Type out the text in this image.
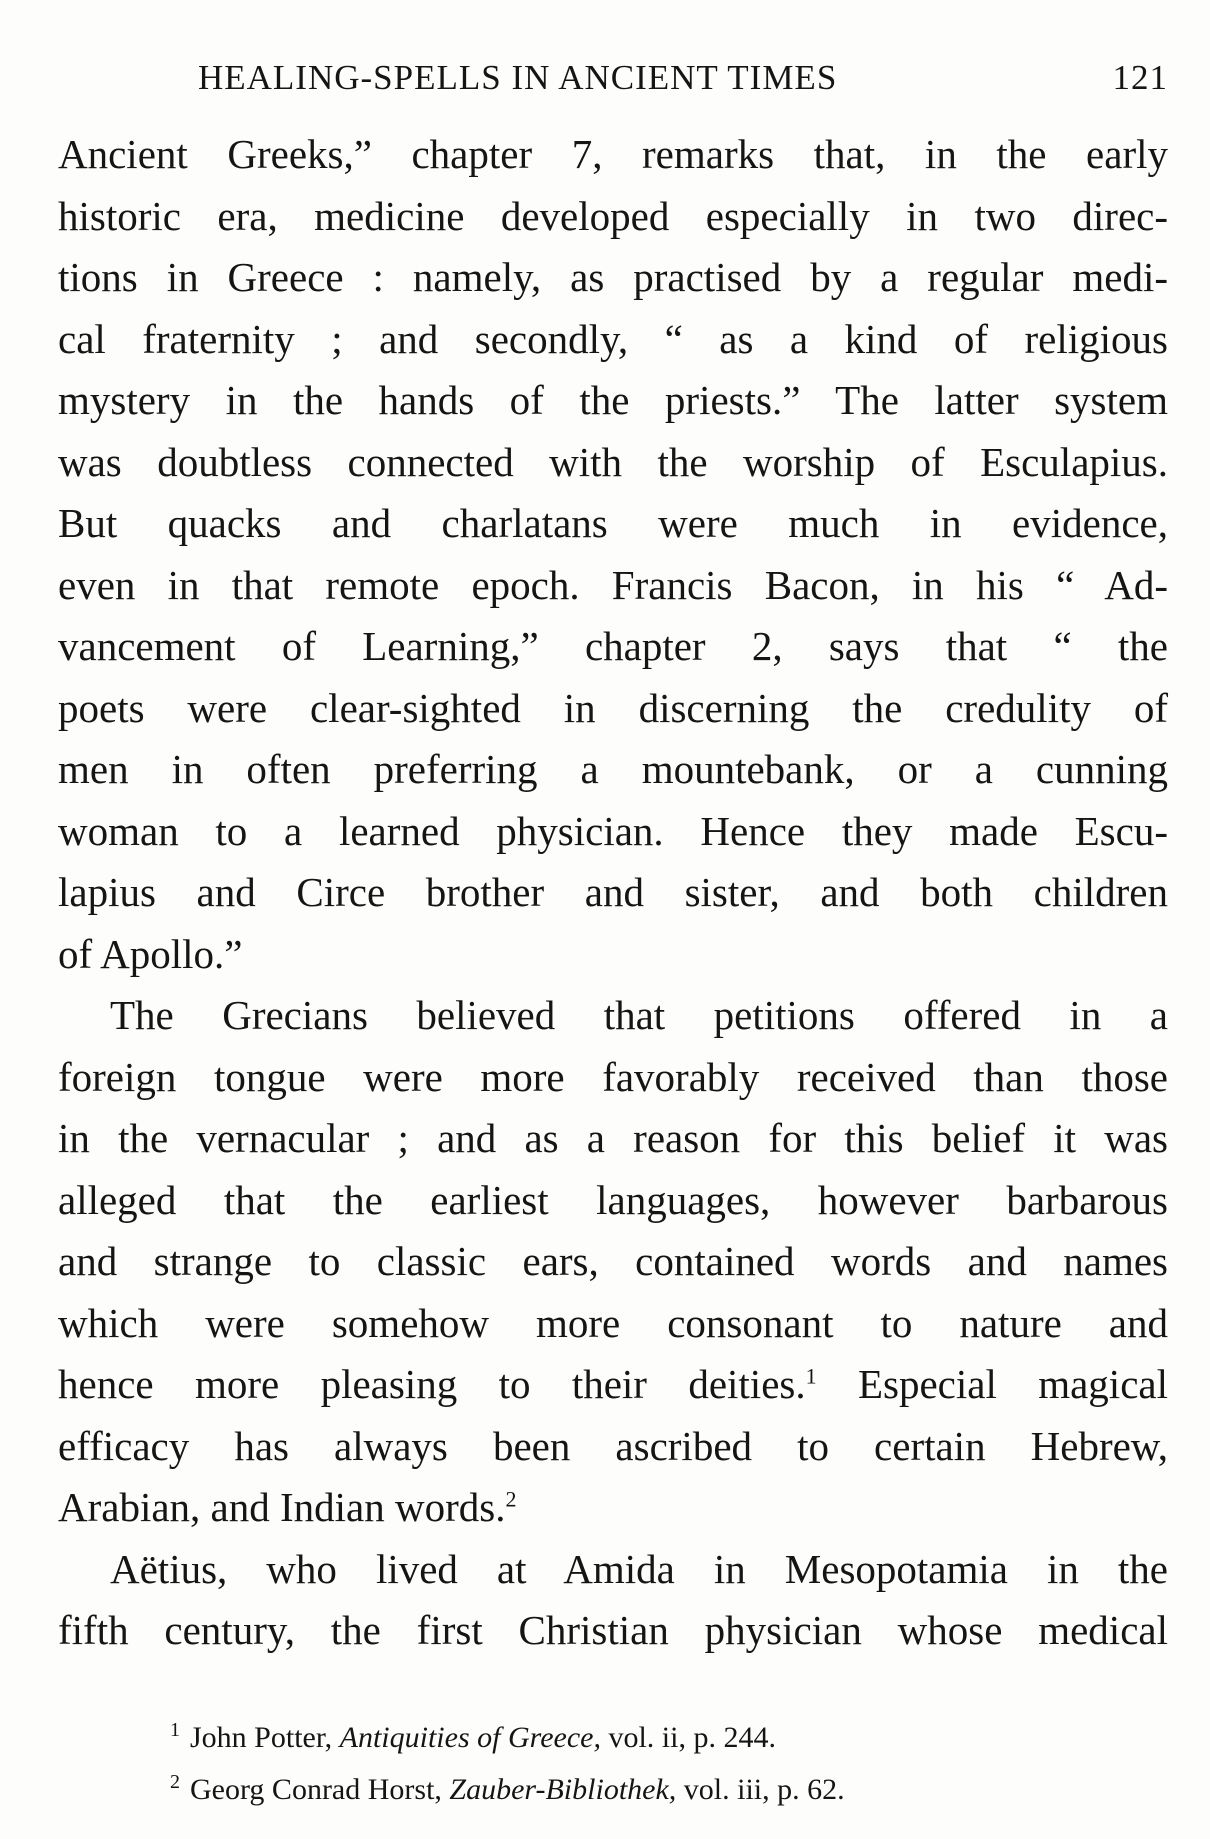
HEALING-SPELLS IN ANCIENT TIMES	121
Ancient Greeks,” chapter 7, remarks that, in the early
historic era, medicine developed especially in two direc-
tions in Greece : namely, as practised by a regular medi-
cal fraternity ; and secondly, “ as a kind of religious
mystery in the hands of the priests.” The latter system
was doubtless connected with the worship of Esculapius.
But quacks and charlatans were much in evidence,
even in that remote epoch. Francis Bacon, in his “ Ad-
vancement of Learning,” chapter 2, says that “ the
poets were clear-sighted in discerning the credulity of
men in often preferring a mountebank, or a cunning
woman to a learned physician. Hence they made Escu-
lapius and Circe brother and sister, and both children
of Apollo.”
The Grecians believed that petitions offered in a
foreign tongue were more favorably received than those
in the vernacular ; and as a reason for this belief it was
alleged that the earliest languages, however barbarous
and strange to classic ears, contained words and names
which were somehow more consonant to nature and
hence more pleasing to their deities.$^1$ Especial magical
efficacy has always been ascribed to certain Hebrew,
Arabian, and Indian words.$^2$
Aëtius, who lived at Amida in Mesopotamia in the
fifth century, the first Christian physician whose medical
$^1$ John Potter, Antiquities of Greece, vol. ii, p. 244.
$^2$ Georg Conrad Horst, Zauber-Bibliothek, vol. iii, p. 62.
